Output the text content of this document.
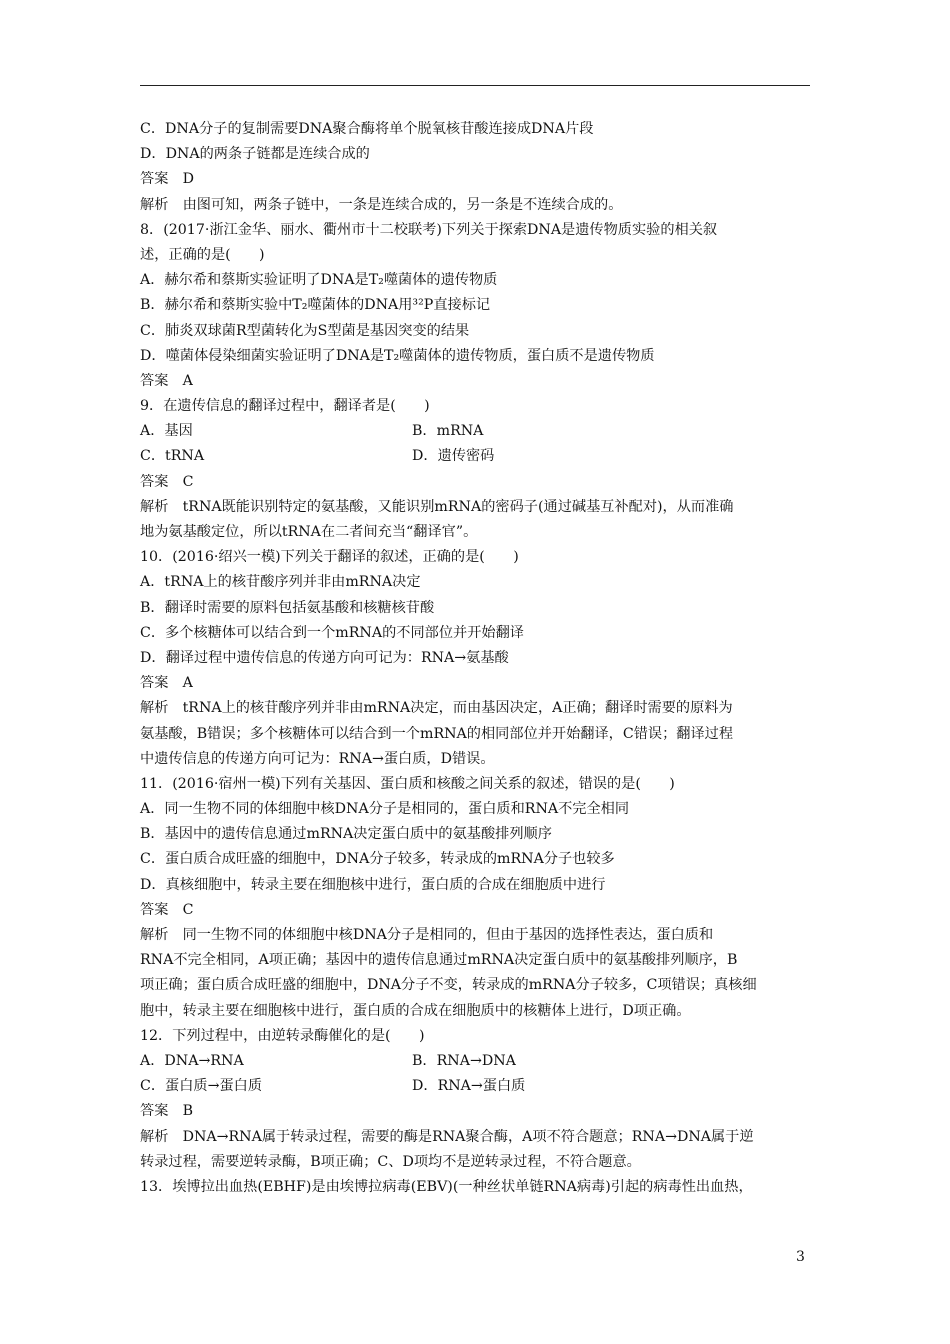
C．DNA分子的复制需要DNA聚合酶将单个脱氧核苷酸连接成DNA片段
D．DNA的两条子链都是连续合成的
答案　D
解析　由图可知，两条子链中，一条是连续合成的，另一条是不连续合成的。
8．(2017·浙江金华、丽水、衢州市十二校联考)下列关于探索DNA是遗传物质实验的相关叙
述，正确的是(　　)
A．赫尔希和蔡斯实验证明了DNA是T₂噬菌体的遗传物质
B．赫尔希和蔡斯实验中T₂噬菌体的DNA用³²P直接标记
C．肺炎双球菌R型菌转化为S型菌是基因突变的结果
D．噬菌体侵染细菌实验证明了DNA是T₂噬菌体的遗传物质，蛋白质不是遗传物质
答案　A
9．在遗传信息的翻译过程中，翻译者是(　　)
A．基因	B．mRNA
C．tRNA	D．遗传密码
答案　C
解析　tRNA既能识别特定的氨基酸，又能识别mRNA的密码子(通过碱基互补配对)，从而准确
地为氨基酸定位，所以tRNA在二者间充当“翻译官”。
10．(2016·绍兴一模)下列关于翻译的叙述，正确的是(　　)
A．tRNA上的核苷酸序列并非由mRNA决定
B．翻译时需要的原料包括氨基酸和核糖核苷酸
C．多个核糖体可以结合到一个mRNA的不同部位并开始翻译
D．翻译过程中遗传信息的传递方向可记为：RNA→氨基酸
答案　A
解析　tRNA上的核苷酸序列并非由mRNA决定，而由基因决定，A正确；翻译时需要的原料为
氨基酸，B错误；多个核糖体可以结合到一个mRNA的相同部位并开始翻译，C错误；翻译过程
中遗传信息的传递方向可记为：RNA→蛋白质，D错误。
11．(2016·宿州一模)下列有关基因、蛋白质和核酸之间关系的叙述，错误的是(　　)
A．同一生物不同的体细胞中核DNA分子是相同的，蛋白质和RNA不完全相同
B．基因中的遗传信息通过mRNA决定蛋白质中的氨基酸排列顺序
C．蛋白质合成旺盛的细胞中，DNA分子较多，转录成的mRNA分子也较多
D．真核细胞中，转录主要在细胞核中进行，蛋白质的合成在细胞质中进行
答案　C
解析　同一生物不同的体细胞中核DNA分子是相同的，但由于基因的选择性表达，蛋白质和
RNA不完全相同，A项正确；基因中的遗传信息通过mRNA决定蛋白质中的氨基酸排列顺序，B
项正确；蛋白质合成旺盛的细胞中，DNA分子不变，转录成的mRNA分子较多，C项错误；真核细
胞中，转录主要在细胞核中进行，蛋白质的合成在细胞质中的核糖体上进行，D项正确。
12．下列过程中，由逆转录酶催化的是(　　)
A．DNA→RNA	B．RNA→DNA
C．蛋白质→蛋白质	D．RNA→蛋白质
答案　B
解析　DNA→RNA属于转录过程，需要的酶是RNA聚合酶，A项不符合题意；RNA→DNA属于逆
转录过程，需要逆转录酶，B项正确；C、D项均不是逆转录过程，不符合题意。
13．埃博拉出血热(EBHF)是由埃博拉病毒(EBV)(一种丝状单链RNA病毒)引起的病毒性出血热，
3
